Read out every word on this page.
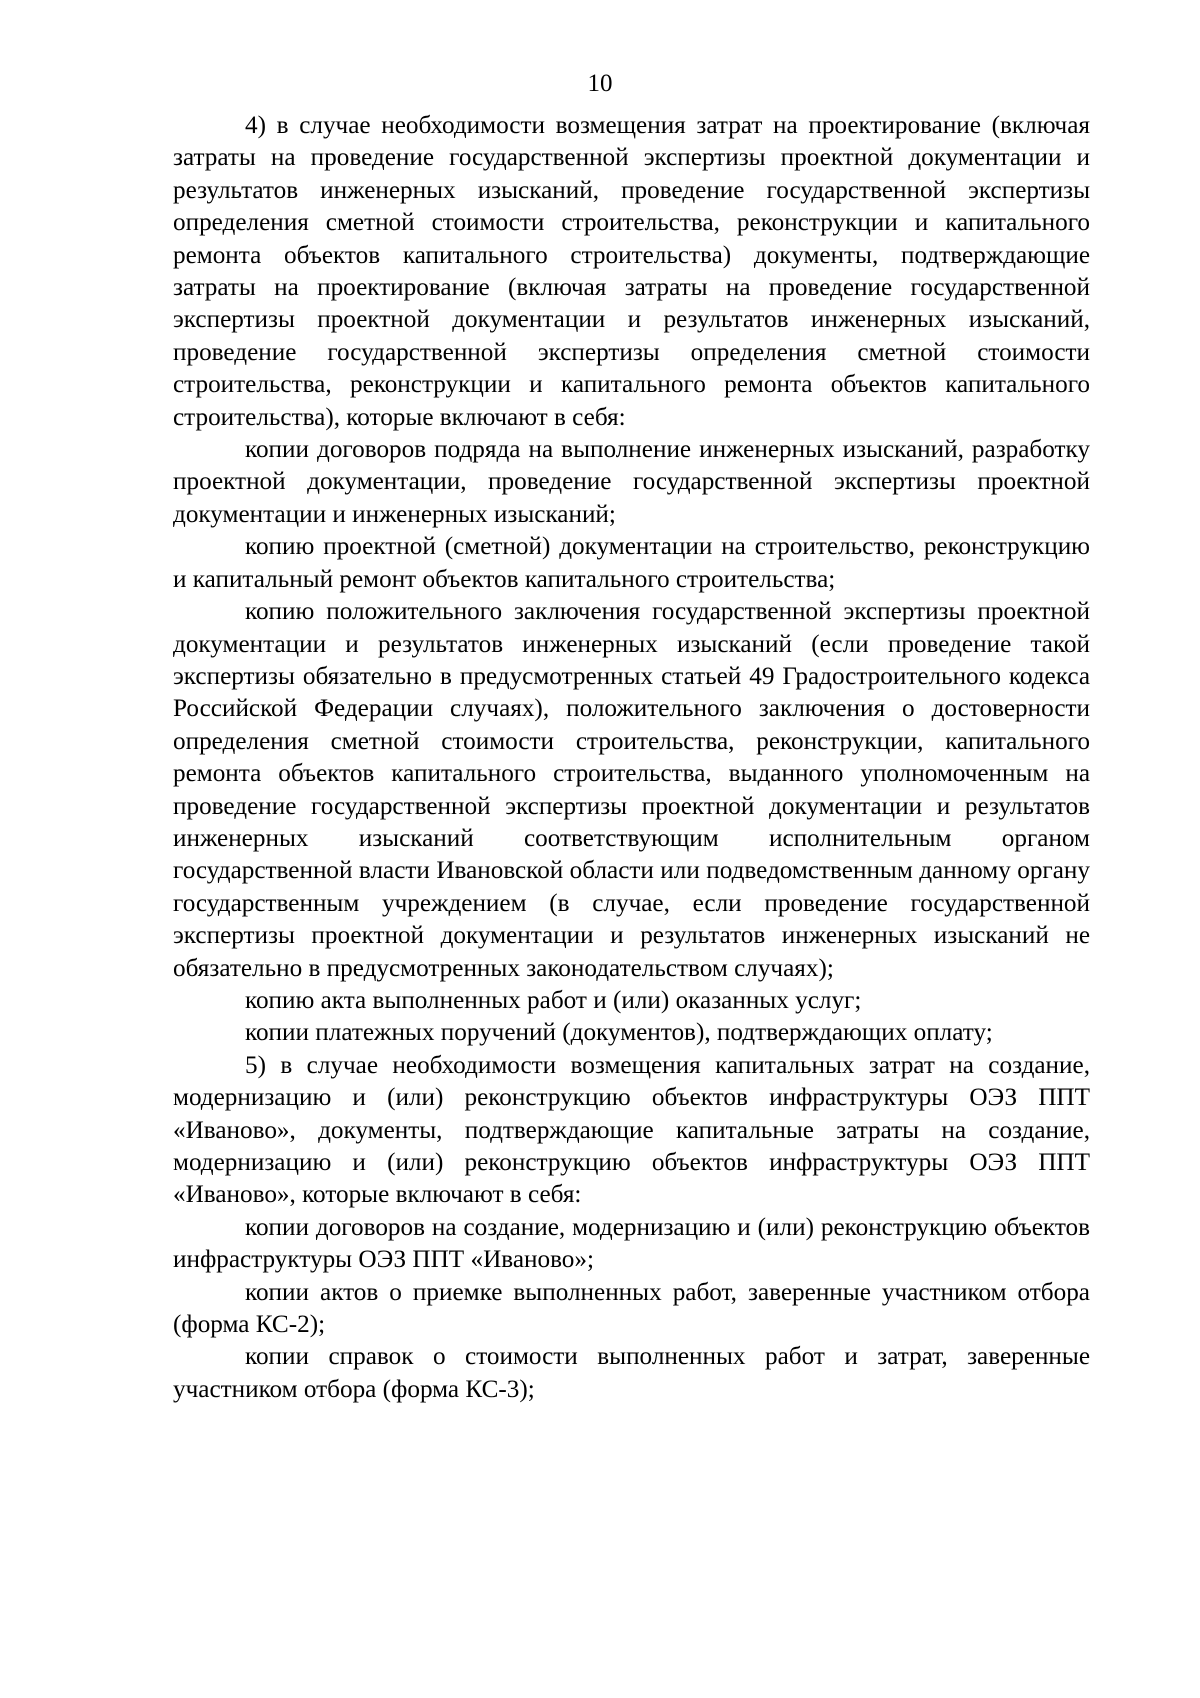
10

4) в случае необходимости возмещения затрат на проектирование (включая затраты на проведение государственной экспертизы проектной документации и результатов инженерных изысканий, проведение государственной экспертизы определения сметной стоимости строительства, реконструкции и капитального ремонта объектов капитального строительства) документы, подтверждающие затраты на проектирование (включая затраты на проведение государственной экспертизы проектной документации и результатов инженерных изысканий, проведение государственной экспертизы определения сметной стоимости строительства, реконструкции и капитального ремонта объектов капитального строительства), которые включают в себя:

копии договоров подряда на выполнение инженерных изысканий, разработку проектной документации, проведение государственной экспертизы проектной документации и инженерных изысканий;

копию проектной (сметной) документации на строительство, реконструкцию и капитальный ремонт объектов капитального строительства;

копию положительного заключения государственной экспертизы проектной документации и результатов инженерных изысканий (если проведение такой экспертизы обязательно в предусмотренных статьей 49 Градостроительного кодекса Российской Федерации случаях), положительного заключения о достоверности определения сметной стоимости строительства, реконструкции, капитального ремонта объектов капитального строительства, выданного уполномоченным на проведение государственной экспертизы проектной документации и результатов инженерных изысканий соответствующим исполнительным органом государственной власти Ивановской области или подведомственным данному органу государственным учреждением (в случае, если проведение государственной экспертизы проектной документации и результатов инженерных изысканий не обязательно в предусмотренных законодательством случаях);

копию акта выполненных работ и (или) оказанных услуг;

копии платежных поручений (документов), подтверждающих оплату;

5) в случае необходимости возмещения капитальных затрат на создание, модернизацию и (или) реконструкцию объектов инфраструктуры ОЭЗ ППТ «Иваново», документы, подтверждающие капитальные затраты на создание, модернизацию и (или) реконструкцию объектов инфраструктуры ОЭЗ ППТ «Иваново», которые включают в себя:

копии договоров на создание, модернизацию и (или) реконструкцию объектов инфраструктуры ОЭЗ ППТ «Иваново»;

копии актов о приемке выполненных работ, заверенные участником отбора (форма КС-2);

копии справок о стоимости выполненных работ и затрат, заверенные участником отбора (форма КС-3);
